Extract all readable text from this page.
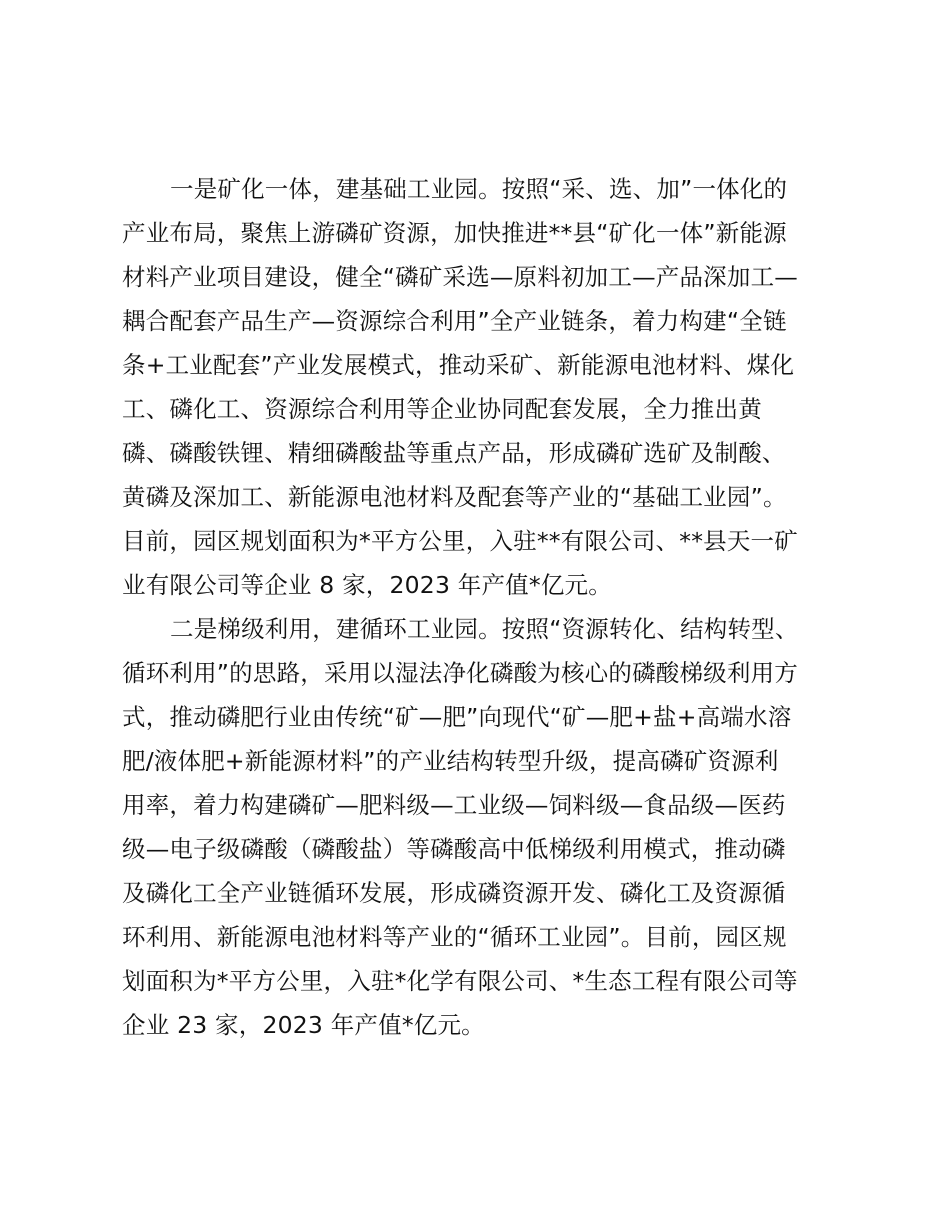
一是矿化一体，建基础工业园。按照“采、选、加”一体化的
产业布局，聚焦上游磷矿资源，加快推进**县“矿化一体”新能源
材料产业项目建设，健全“磷矿采选—原料初加工—产品深加工—
耦合配套产品生产—资源综合利用”全产业链条，着力构建“全链
条+工业配套”产业发展模式，推动采矿、新能源电池材料、煤化
工、磷化工、资源综合利用等企业协同配套发展，全力推出黄
磷、磷酸铁锂、精细磷酸盐等重点产品，形成磷矿选矿及制酸、
黄磷及深加工、新能源电池材料及配套等产业的“基础工业园”。
目前，园区规划面积为*平方公里，入驻**有限公司、**县天一矿
业有限公司等企业 8 家，2023 年产值*亿元。
二是梯级利用，建循环工业园。按照“资源转化、结构转型、
循环利用”的思路，采用以湿法净化磷酸为核心的磷酸梯级利用方
式，推动磷肥行业由传统“矿—肥”向现代“矿—肥+盐+高端水溶
肥/液体肥+新能源材料”的产业结构转型升级，提高磷矿资源利
用率，着力构建磷矿—肥料级—工业级—饲料级—食品级—医药
级—电子级磷酸（磷酸盐）等磷酸高中低梯级利用模式，推动磷
及磷化工全产业链循环发展，形成磷资源开发、磷化工及资源循
环利用、新能源电池材料等产业的“循环工业园”。目前，园区规
划面积为*平方公里，入驻*化学有限公司、*生态工程有限公司等
企业 23 家，2023 年产值*亿元。
